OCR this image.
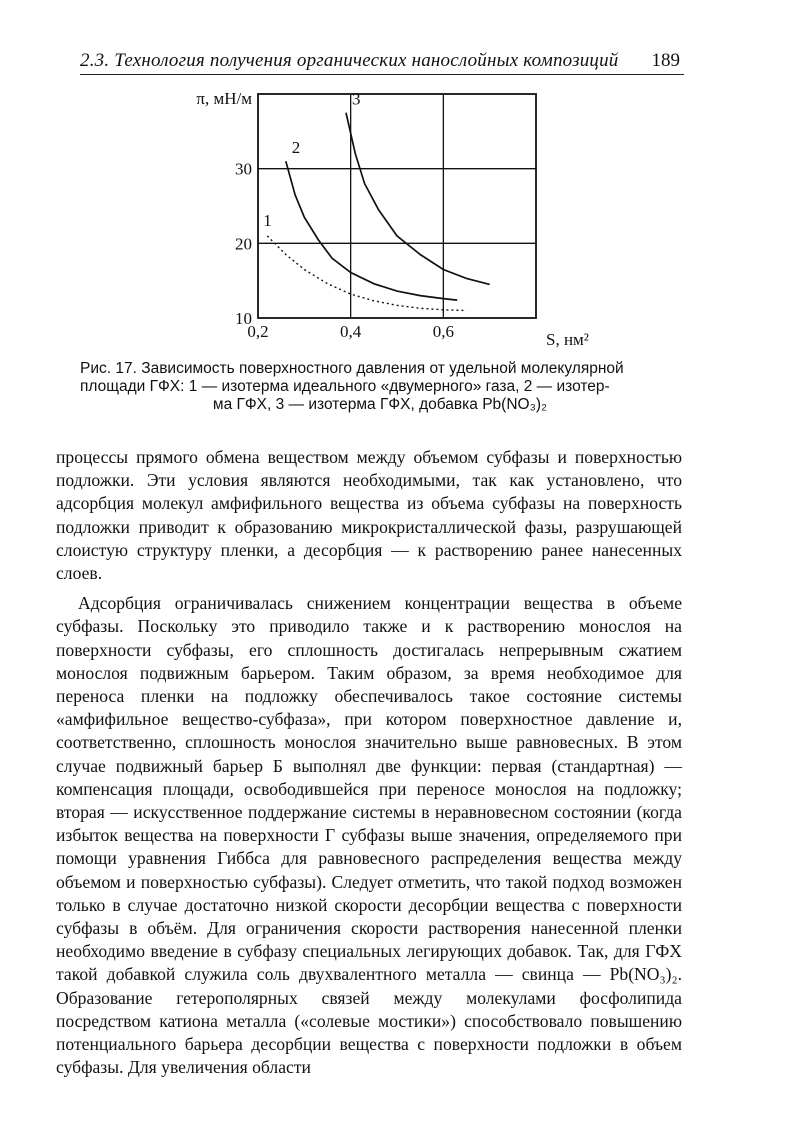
2.3. Технология получения органических нанослойных композиций 189
0,2	0,4	0,6
10
20
30
π, мН/м
S, нм²
1
2
3
Рис. 17. Зависимость поверхностного давления от удельной молекулярной
площади ГФХ: 1 — изотерма идеального «двумерного» газа, 2 — изотер-
ма ГФХ, 3 — изотерма ГФХ, добавка Pb(NO₃)₂

процессы прямого обмена веществом между объемом субфазы и поверхностью подложки. Эти условия являются необходимыми, так как установлено, что адсорбция молекул амфифильного вещества из объема субфазы на поверхность подложки приводит к образованию микрокристаллической фазы, разрушающей слоистую структуру пленки, а десорбция — к растворению ранее нанесенных слоев.

Адсорбция ограничивалась снижением концентрации вещества в объеме субфазы. Поскольку это приводило также и к растворению монослоя на поверхности субфазы, его сплошность достигалась непрерывным сжатием монослоя подвижным барьером. Таким образом, за время необходимое для переноса пленки на подложку обеспечивалось такое состояние системы «амфифильное вещество-субфаза», при котором поверхностное давление и, соответственно, сплошность монослоя значительно выше равновесных. В этом случае подвижный барьер Б выполнял две функции: первая (стандартная) — компенсация площади, освободившейся при переносе монослоя на подложку; вторая — искусственное поддержание системы в неравновесном состоянии (когда избыток вещества на поверхности Г субфазы выше значения, определяемого при помощи уравнения Гиббса для равновесного распределения вещества между объемом и поверхностью субфазы). Следует отметить, что такой подход возможен только в случае достаточно низкой скорости десорбции вещества с поверхности субфазы в объём. Для ограничения скорости растворения нанесенной пленки необходимо введение в субфазу специальных легирующих добавок. Так, для ГФХ такой добавкой служила соль двухвалентного металла — свинца — Pb(NO₃)₂. Образование гетерополярных связей между молекулами фосфолипида посредством катиона металла («солевые мостики») способствовало повышению потенциального барьера десорбции вещества с поверхности подложки в объем субфазы. Для увеличения области
